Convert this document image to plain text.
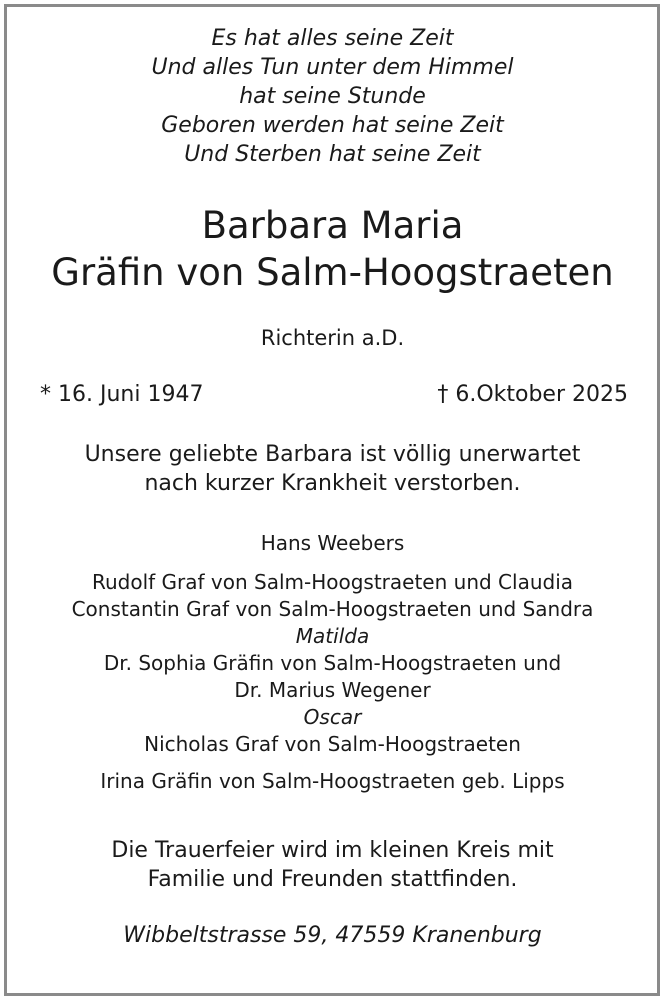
Es hat alles seine Zeit
Und alles Tun unter dem Himmel
hat seine Stunde
Geboren werden hat seine Zeit
Und Sterben hat seine Zeit
Barbara Maria
Gräfin von Salm-Hoogstraeten
Richterin a.D.
* 16. Juni 1947	† 6.Oktober 2025
Unsere geliebte Barbara ist völlig unerwartet
nach kurzer Krankheit verstorben.
Hans Weebers
Rudolf Graf von Salm-Hoogstraeten und Claudia
Constantin Graf von Salm-Hoogstraeten und Sandra
Matilda
Dr. Sophia Gräfin von Salm-Hoogstraeten und
Dr. Marius Wegener
Oscar
Nicholas Graf von Salm-Hoogstraeten
Irina Gräfin von Salm-Hoogstraeten geb. Lipps
Die Trauerfeier wird im kleinen Kreis mit
Familie und Freunden stattfinden.
Wibbeltstrasse 59, 47559 Kranenburg
